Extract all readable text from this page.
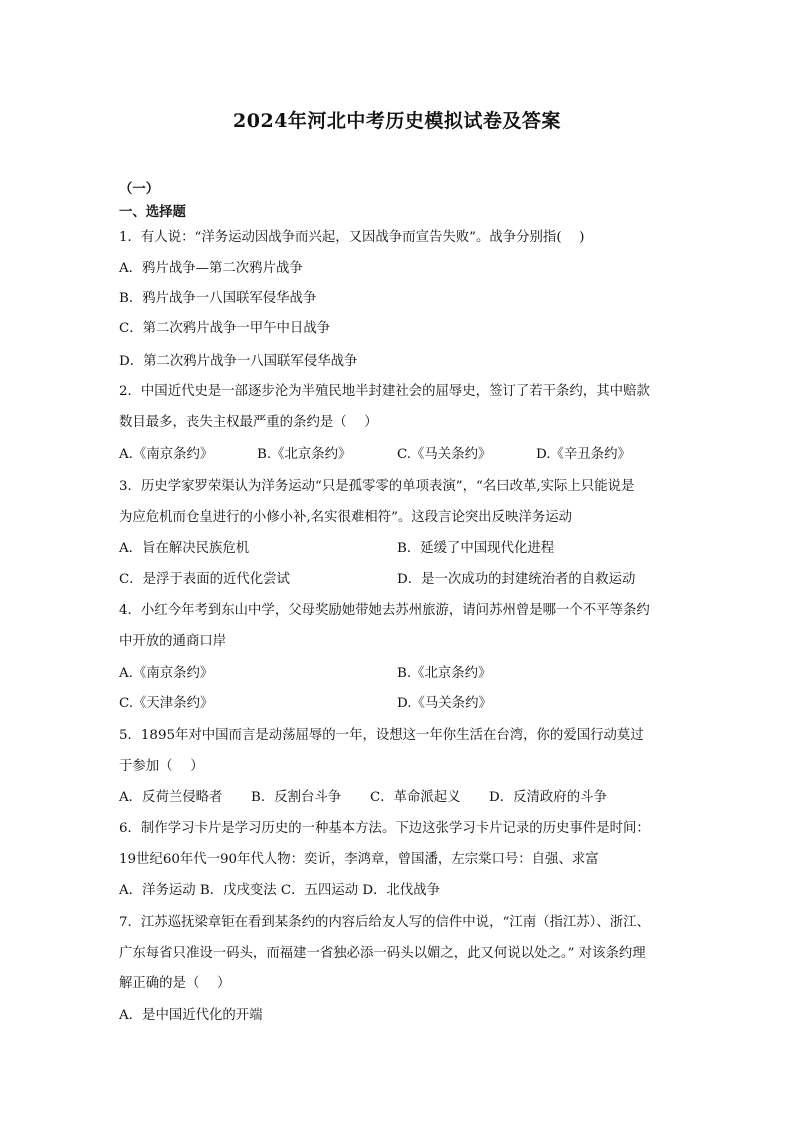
2024年河北中考历史模拟试卷及答案
（一）
一、选择题
1．有人说：“洋务运动因战争而兴起，又因战争而宣告失败”。战争分别指(　 )
A．鸦片战争—第二次鸦片战争
B．鸦片战争一八国联军侵华战争
C．第二次鸦片战争一甲午中日战争
D．第二次鸦片战争一八国联军侵华战争
2．中国近代史是一部逐步沦为半殖民地半封建社会的屈辱史，签订了若干条约，其中赔款
数目最多，丧失主权最严重的条约是（　 ）
A.《南京条约》	B.《北京条约》	C.《马关条约》	D.《辛丑条约》
3．历史学家罗荣渠认为洋务运动“只是孤零零的单项表演”，“名曰改革,实际上只能说是
为应危机而仓皇进行的小修小补,名实很难相符”。这段言论突出反映洋务运动
A．旨在解决民族危机	B．延缓了中国现代化进程
C．是浮于表面的近代化尝试	D．是一次成功的封建统治者的自救运动
4．小红今年考到东山中学，父母奖励她带她去苏州旅游，请问苏州曾是哪一个不平等条约
中开放的通商口岸
A.《南京条约》	B.《北京条约》
C.《天津条约》	D.《马关条约》
5．1895年对中国而言是动荡屈辱的一年，设想这一年你生活在台湾，你的爱国行动莫过
于参加（　 ）
A．反荷兰侵略者 B．反割台斗争 C．革命派起义 D．反清政府的斗争
6．制作学习卡片是学习历史的一种基本方法。下边这张学习卡片记录的历史事件是时间：
19世纪60年代一90年代人物：奕䜣，李鸿章，曾国潘，左宗棠口号：自强、求富
A．洋务运动 B．戊戌变法 C．五四运动 D．北伐战争
7．江苏巡抚梁章钜在看到某条约的内容后给友人写的信件中说，“江南（指江苏）、浙江、
广东每省只准设一码头，而福建一省独必添一码头以媚之，此又何说以处之。” 对该条约理
解正确的是（　 ）
A．是中国近代化的开端
